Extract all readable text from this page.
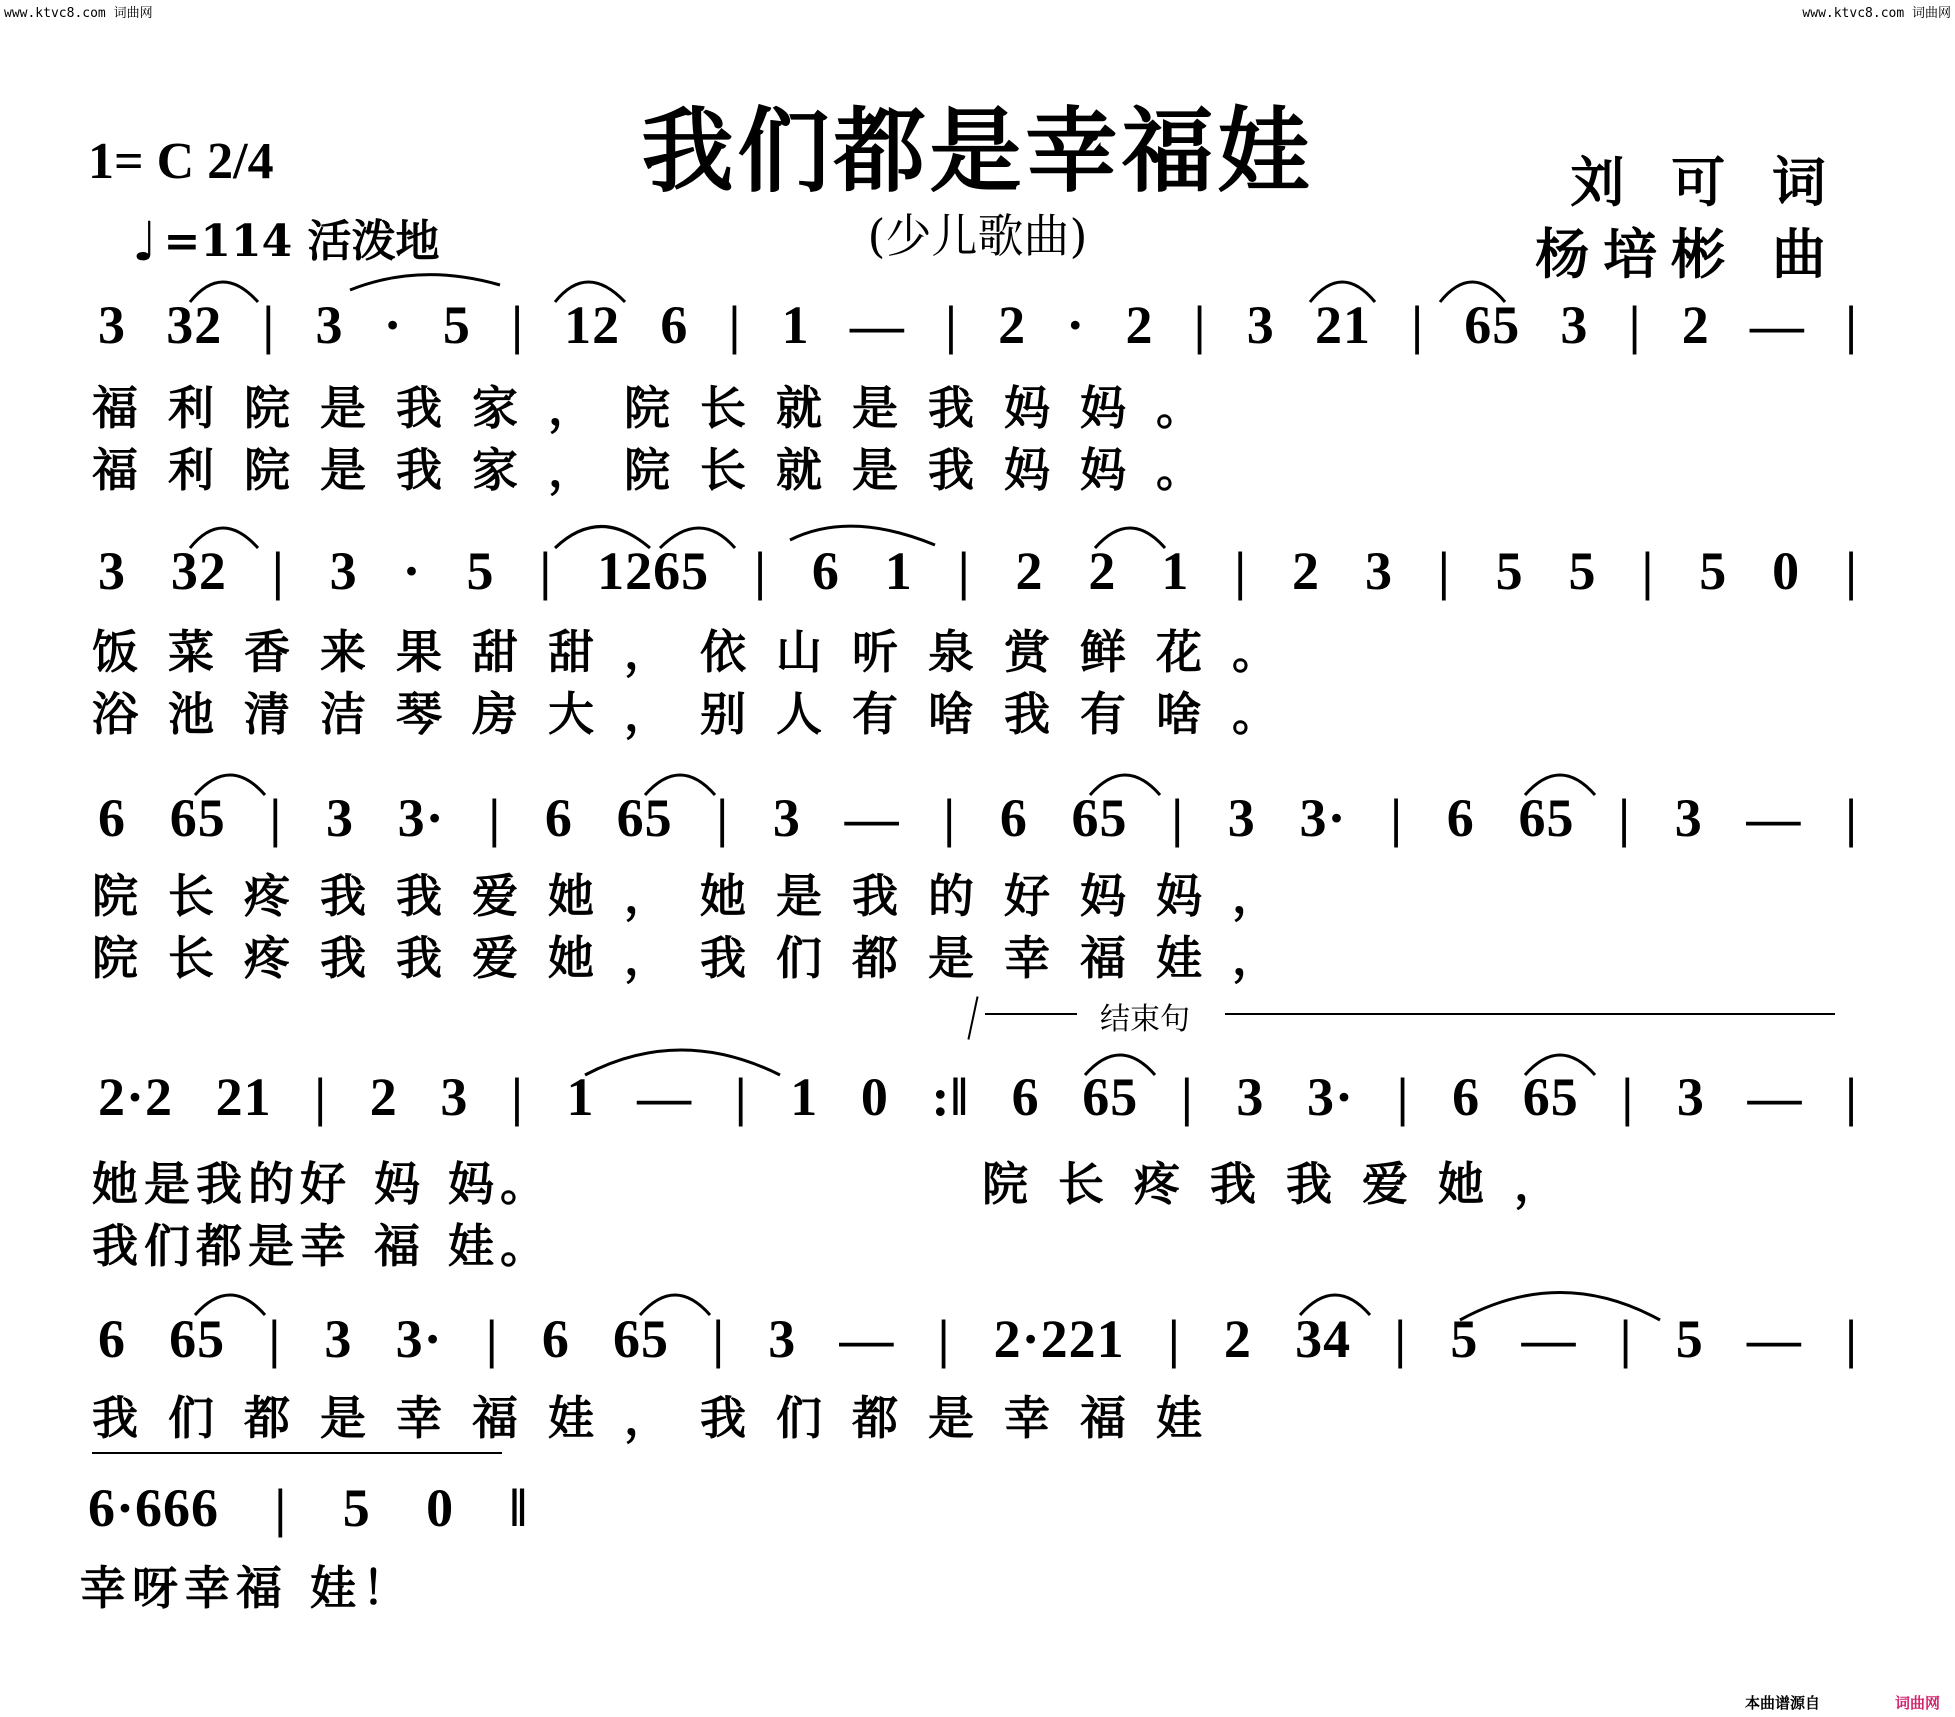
www.ktvc8.com 词曲网	www.ktvc8.com 词曲网
我们都是幸福娃
(少儿歌曲)
1= C 2/4
♩ =114 活泼地
刘 可 词
杨培彬 曲
3 32 | 3 · 5 | 12 6 | 1 — | 2 · 2 | 3 21 | 65 3 | 2 — |
福利院是我家，院长就是我妈妈。
福利院是我家，院长就是我妈妈。
3 32 | 3 · 5 | 1265 | 6 1 | 2 2 1 | 2 3 | 5 5 | 5 0 |
饭菜香来果甜甜，依山听泉赏鲜花。
浴池清洁琴房大，别人有啥我有啥。
6 65 | 3 3· | 6 65 | 3 — | 6 65 | 3 3· | 6 65 | 3 — |
院长疼我我爱她，她是我的好妈妈，
院长疼我我爱她，我们都是幸福娃，
结束句
2·2 21 | 2 3 | 1 — | 1 0 :‖ 6 65 | 3 3· | 6 65 | 3 — |
她是我的好 妈 妈。	院长疼我我爱她，
我们都是幸 福 娃。
6 65 | 3 3· | 6 65 | 3 — | 2·221 | 2 34 | 5 — | 5 — |
我们都是幸福娃，我们都是幸福娃
6·666 | 5 0 ‖
幸呀幸福 娃！
本曲谱源自	词曲网
